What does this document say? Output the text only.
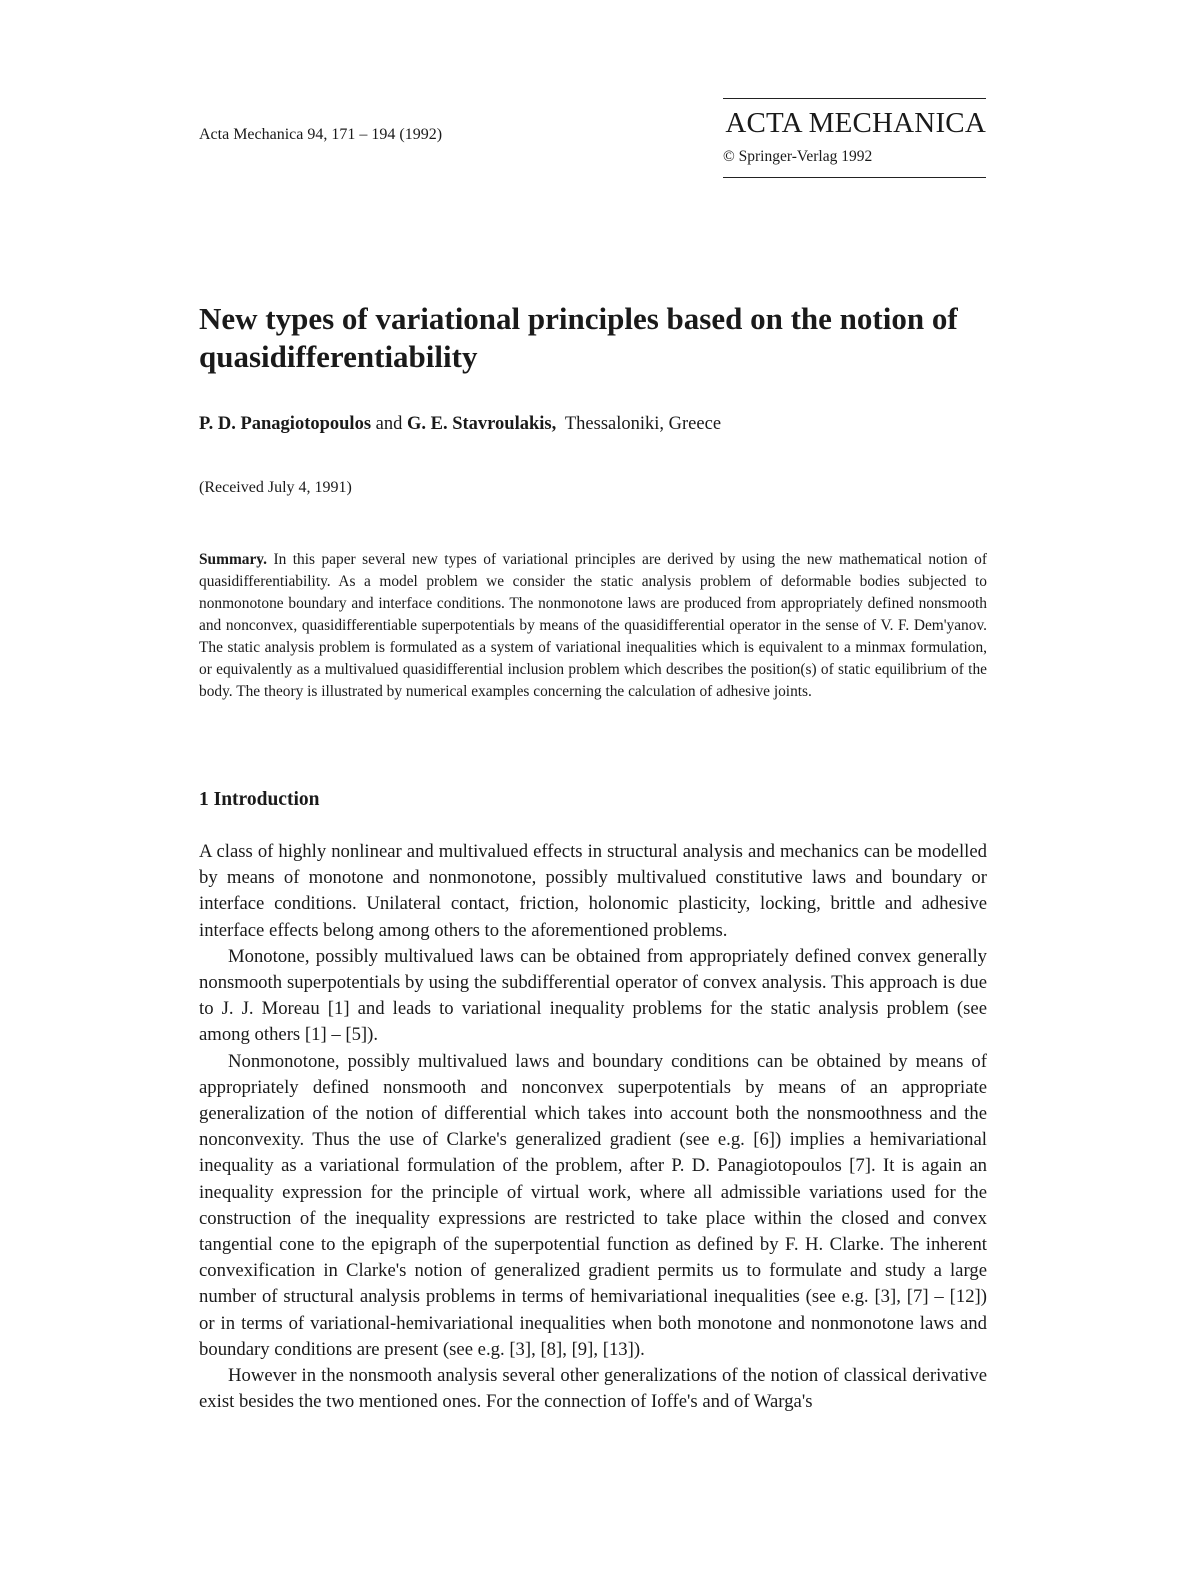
Acta Mechanica 94, 171 – 194 (1992)	ACTA MECHANICA
© Springer-Verlag 1992
New types of variational principles based on the notion of quasidifferentiability
P. D. Panagiotopoulos and G. E. Stavroulakis, Thessaloniki, Greece
(Received July 4, 1991)
Summary. In this paper several new types of variational principles are derived by using the new mathematical notion of quasidifferentiability. As a model problem we consider the static analysis problem of deformable bodies subjected to nonmonotone boundary and interface conditions. The nonmonotone laws are produced from appropriately defined nonsmooth and nonconvex, quasidifferentiable superpotentials by means of the quasidifferential operator in the sense of V. F. Dem'yanov. The static analysis problem is formulated as a system of variational inequalities which is equivalent to a minmax formulation, or equivalently as a multivalued quasidifferential inclusion problem which describes the position(s) of static equilibrium of the body. The theory is illustrated by numerical examples concerning the calculation of adhesive joints.
1 Introduction

A class of highly nonlinear and multivalued effects in structural analysis and mechanics can be modelled by means of monotone and nonmonotone, possibly multivalued constitutive laws and boundary or interface conditions. Unilateral contact, friction, holonomic plasticity, locking, brittle and adhesive interface effects belong among others to the aforementioned problems.

Monotone, possibly multivalued laws can be obtained from appropriately defined convex generally nonsmooth superpotentials by using the subdifferential operator of convex analysis. This approach is due to J. J. Moreau [1] and leads to variational inequality problems for the static analysis problem (see among others [1] – [5]).

Nonmonotone, possibly multivalued laws and boundary conditions can be obtained by means of appropriately defined nonsmooth and nonconvex superpotentials by means of an appropriate generalization of the notion of differential which takes into account both the nonsmoothness and the nonconvexity. Thus the use of Clarke's generalized gradient (see e.g. [6]) implies a hemivariational inequality as a variational formulation of the problem, after P. D. Panagiotopoulos [7]. It is again an inequality expression for the principle of virtual work, where all admissible variations used for the construction of the inequality expressions are restricted to take place within the closed and convex tangential cone to the epigraph of the superpotential function as defined by F. H. Clarke. The inherent convexification in Clarke's notion of generalized gradient permits us to formulate and study a large number of structural analysis problems in terms of hemivariational inequalities (see e.g. [3], [7] – [12]) or in terms of variational-hemivariational inequalities when both monotone and nonmonotone laws and boundary conditions are present (see e.g. [3], [8], [9], [13]).

However in the nonsmooth analysis several other generalizations of the notion of classical derivative exist besides the two mentioned ones. For the connection of Ioffe's and of Warga's
